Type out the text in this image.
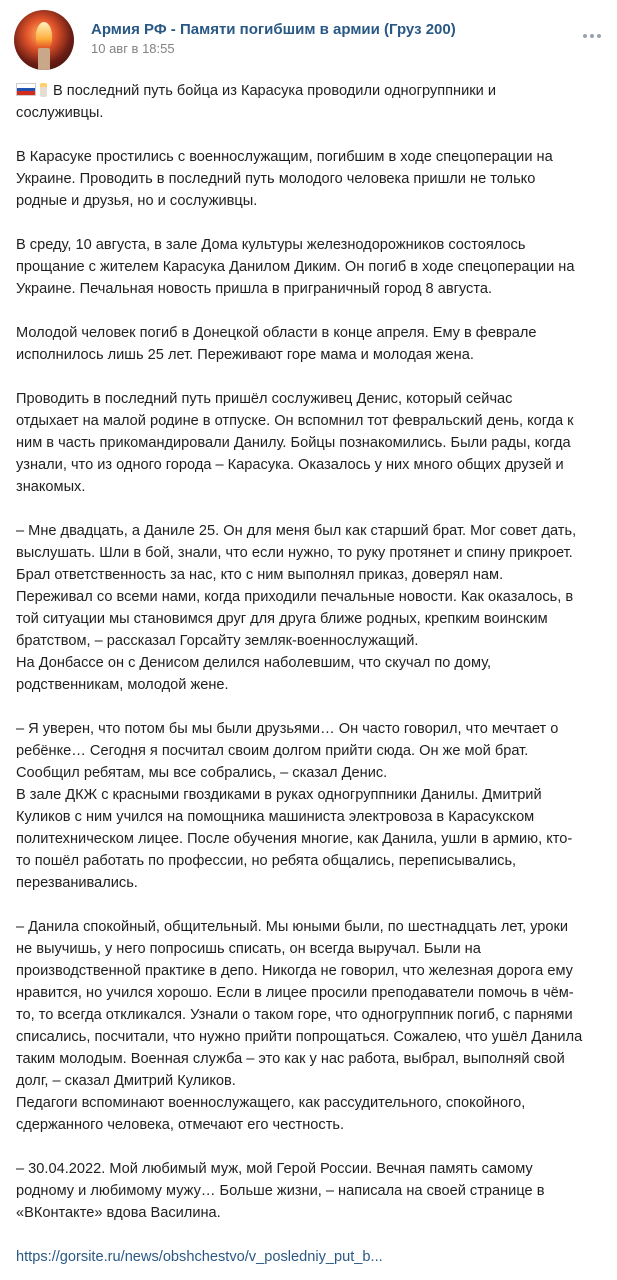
Армия РФ - Памяти погибшим в армии (Груз 200)
10 авг в 18:55
В последний путь бойца из Карасука проводили одногруппники и
сослуживцы.
В Карасуке простились с военнослужащим, погибшим в ходе спецоперации на
Украине. Проводить в последний путь молодого человека пришли не только
родные и друзья, но и сослуживцы.
В среду, 10 августа, в зале Дома культуры железнодорожников состоялось
прощание с жителем Карасука Данилом Диким. Он погиб в ходе спецоперации на
Украине. Печальная новость пришла в приграничный город 8 августа.
Молодой человек погиб в Донецкой области в конце апреля. Ему в феврале
исполнилось лишь 25 лет. Переживают горе мама и молодая жена.
Проводить в последний путь пришёл сослуживец Денис, который сейчас
отдыхает на малой родине в отпуске. Он вспомнил тот февральский день, когда к
ним в часть прикомандировали Данилу. Бойцы познакомились. Были рады, когда
узнали, что из одного города – Карасука. Оказалось у них много общих друзей и
знакомых.
– Мне двадцать, а Даниле 25. Он для меня был как старший брат. Мог совет дать,
выслушать. Шли в бой, знали, что если нужно, то руку протянет и спину прикроет.
Брал ответственность за нас, кто с ним выполнял приказ, доверял нам.
Переживал со всеми нами, когда приходили печальные новости. Как оказалось, в
той ситуации мы становимся друг для друга ближе родных, крепким воинским
братством, – рассказал Горсайту земляк-военнослужащий.
На Донбассе он с Денисом делился наболевшим, что скучал по дому,
родственникам, молодой жене.
– Я уверен, что потом бы мы были друзьями… Он часто говорил, что мечтает о
ребёнке… Сегодня я посчитал своим долгом прийти сюда. Он же мой брат.
Сообщил ребятам, мы все собрались, – сказал Денис.
В зале ДКЖ с красными гвоздиками в руках одногруппники Данилы. Дмитрий
Куликов с ним учился на помощника машиниста электровоза в Карасукском
политехническом лицее. После обучения многие, как Данила, ушли в армию, кто-
то пошёл работать по профессии, но ребята общались, переписывались,
перезванивались.
– Данила спокойный, общительный. Мы юными были, по шестнадцать лет, уроки
не выучишь, у него попросишь списать, он всегда выручал. Были на
производственной практике в депо. Никогда не говорил, что железная дорога ему
нравится, но учился хорошо. Если в лицее просили преподаватели помочь в чём-
то, то всегда откликался. Узнали о таком горе, что одногруппник погиб, с парнями
списались, посчитали, что нужно прийти попрощаться. Сожалею, что ушёл Данила
таким молодым. Военная служба – это как у нас работа, выбрал, выполняй свой
долг, – сказал Дмитрий Куликов.
Педагоги вспоминают военнослужащего, как рассудительного, спокойного,
сдержанного человека, отмечают его честность.
– 30.04.2022. Мой любимый муж, мой Герой России. Вечная память самому
родному и любимому мужу… Больше жизни, – написала на своей странице в
«ВКонтакте» вдова Василина.
https://gorsite.ru/news/obshchestvo/v_posledniy_put_b...
